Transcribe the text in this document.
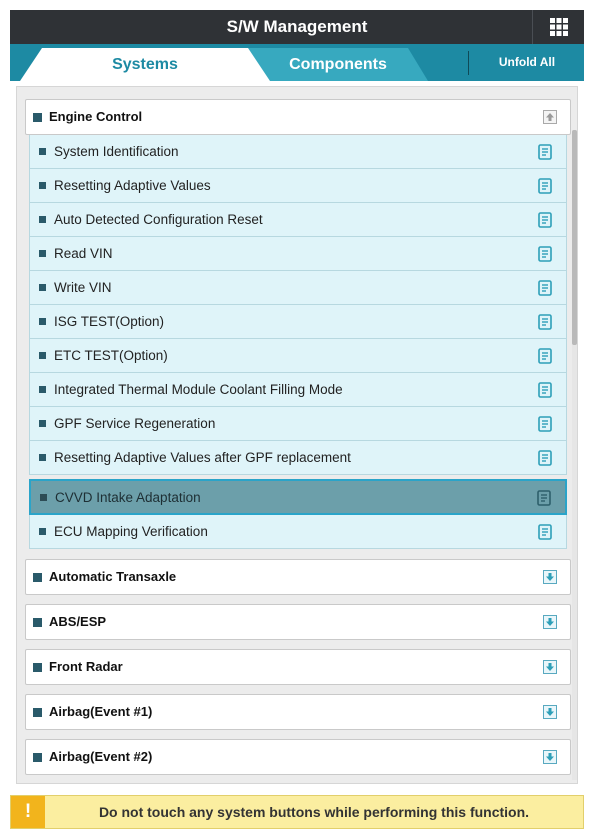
S/W Management
Components
Systems	Unfold All
Engine Control
System Identification
Resetting Adaptive Values
Auto Detected Configuration Reset
Read VIN
Write VIN
ISG TEST(Option)
ETC TEST(Option)
Integrated Thermal Module Coolant Filling Mode
GPF Service Regeneration
Resetting Adaptive Values after GPF replacement
CVVD Intake Adaptation
ECU Mapping Verification
Automatic Transaxle
ABS/ESP
Front Radar
Airbag(Event #1)
Airbag(Event #2)
!	Do not touch any system buttons while performing this function.
